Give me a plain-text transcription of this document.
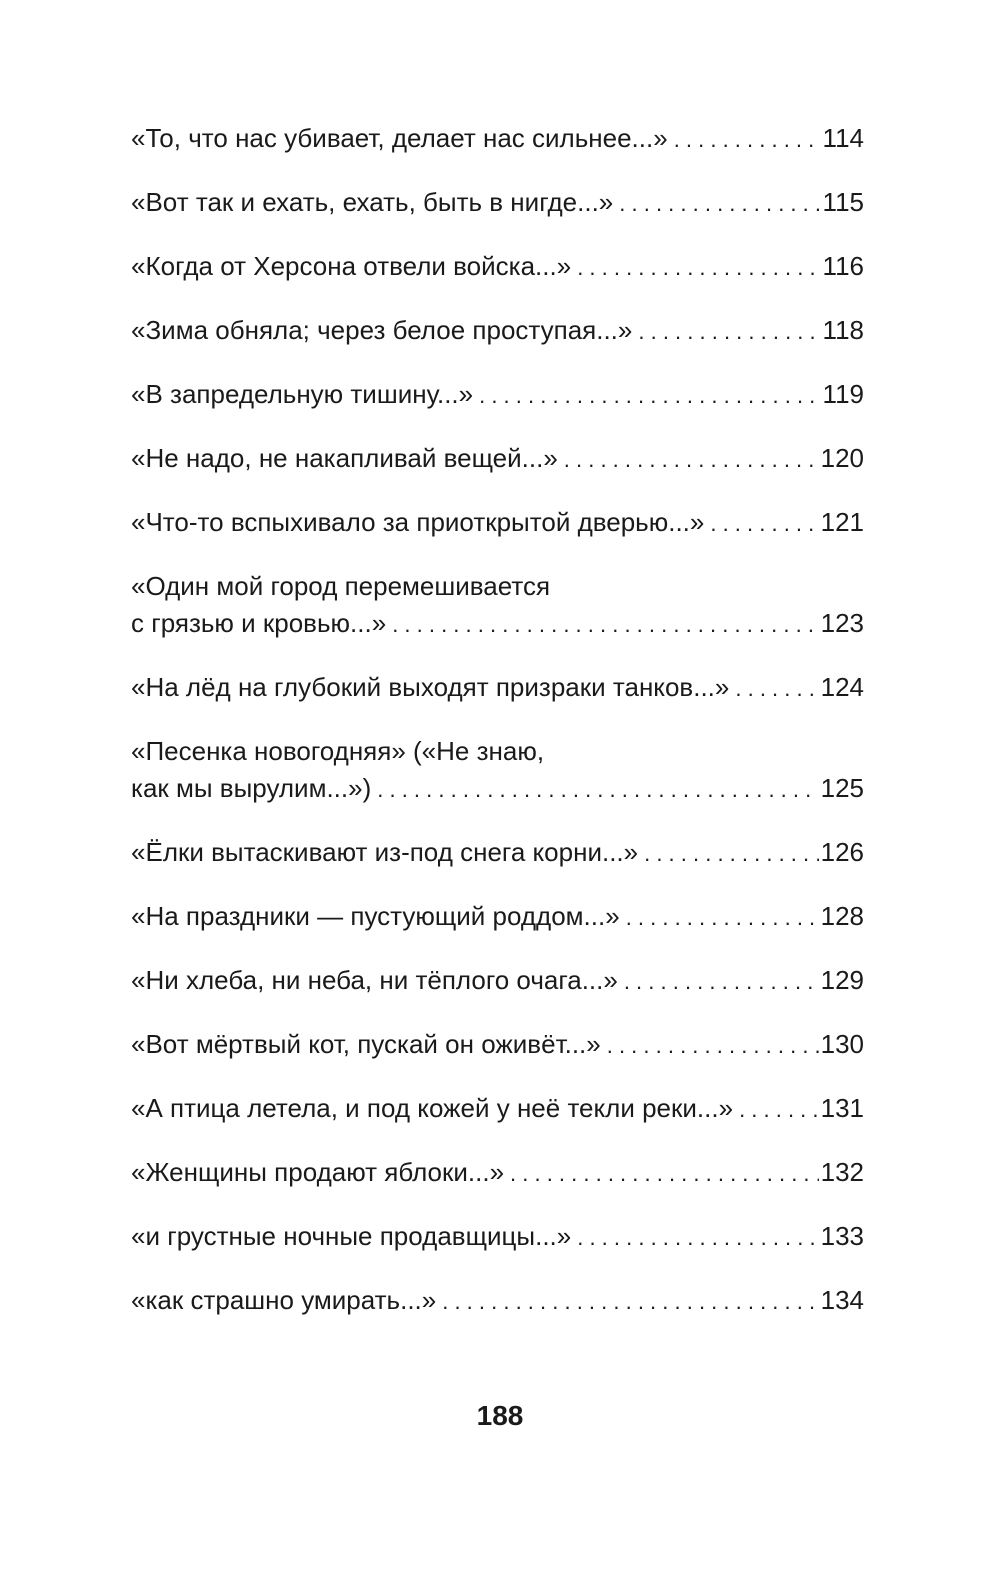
«То, что нас убивает, делает нас сильнее...» . . .	114
«Вот так и ехать, ехать, быть в нигде...» . . .	115
«Когда от Херсона отвели войска...» . . .	116
«Зима обняла; через белое проступая...» . . .	118
«В запредельную тишину...» . . .	119
«Не надо, не накапливай вещей...» . . .	120
«Что-то вспыхивало за приоткрытой дверью...» . . .	121
«Один мой город перемешивается
с грязью и кровью...» . . .	123
«На лёд на глубокий выходят призраки танков...» . . .	124
«Песенка новогодняя» («Не знаю,
как мы вырулим...») . . .	125
«Ёлки вытаскивают из-под снега корни...» . . .	126
«На праздники — пустующий роддом...» . . .	128
«Ни хлеба, ни неба, ни тёплого очага...» . . .	129
«Вот мёртвый кот, пускай он оживёт...» . . .	130
«А птица летела, и под кожей у неё текли реки...» . . .	131
«Женщины продают яблоки...» . . .	132
«и грустные ночные продавщицы...» . . .	133
«как страшно умирать...» . . .	134
188
